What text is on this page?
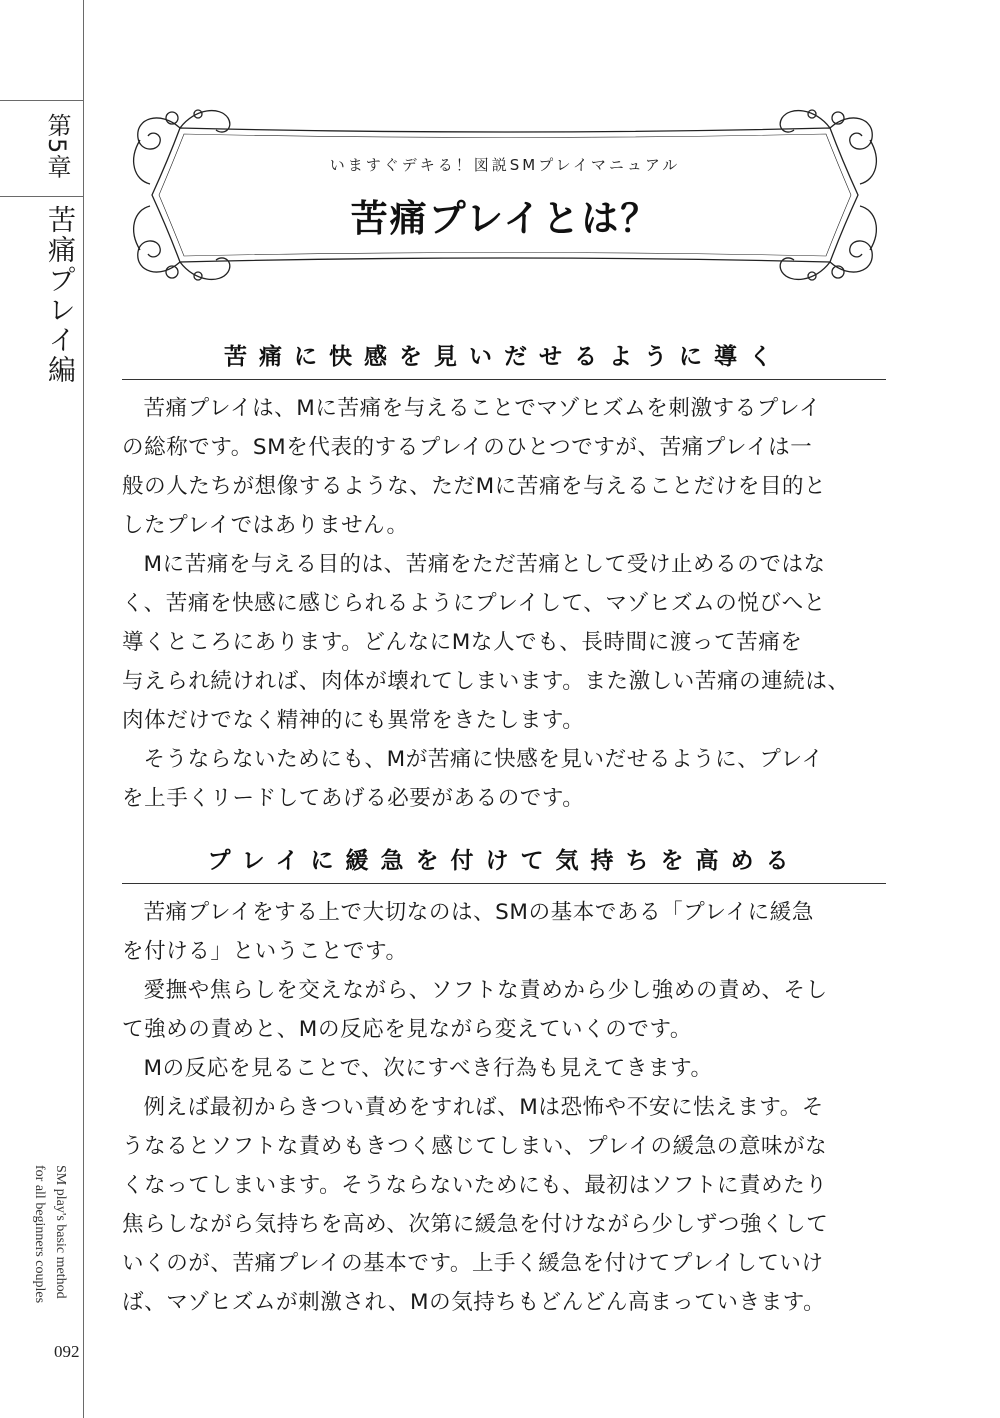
第5章
苦痛プレイ編
SM play's basic method for all beginners couples
092
いますぐデキる！図説SMプレイマニュアル
苦痛プレイとは？
苦痛に快感を見いだせるように導く
苦痛プレイは、Mに苦痛を与えることでマゾヒズムを刺激するプレイ
の総称です。SMを代表的するプレイのひとつですが、苦痛プレイは一
般の人たちが想像するような、ただMに苦痛を与えることだけを目的と
したプレイではありません。
Mに苦痛を与える目的は、苦痛をただ苦痛として受け止めるのではな
く、苦痛を快感に感じられるようにプレイして、マゾヒズムの悦びへと
導くところにあります。どんなにMな人でも、長時間に渡って苦痛を
与えられ続ければ、肉体が壊れてしまいます。また激しい苦痛の連続は、
肉体だけでなく精神的にも異常をきたします。
そうならないためにも、Mが苦痛に快感を見いだせるように、プレイ
を上手くリードしてあげる必要があるのです。
プレイに緩急を付けて気持ちを高める
苦痛プレイをする上で大切なのは、SMの基本である「プレイに緩急
を付ける」ということです。
愛撫や焦らしを交えながら、ソフトな責めから少し強めの責め、そし
て強めの責めと、Mの反応を見ながら変えていくのです。
Mの反応を見ることで、次にすべき行為も見えてきます。
例えば最初からきつい責めをすれば、Mは恐怖や不安に怯えます。そ
うなるとソフトな責めもきつく感じてしまい、プレイの緩急の意味がな
くなってしまいます。そうならないためにも、最初はソフトに責めたり
焦らしながら気持ちを高め、次第に緩急を付けながら少しずつ強くして
いくのが、苦痛プレイの基本です。上手く緩急を付けてプレイしていけ
ば、マゾヒズムが刺激され、Mの気持ちもどんどん高まっていきます。
